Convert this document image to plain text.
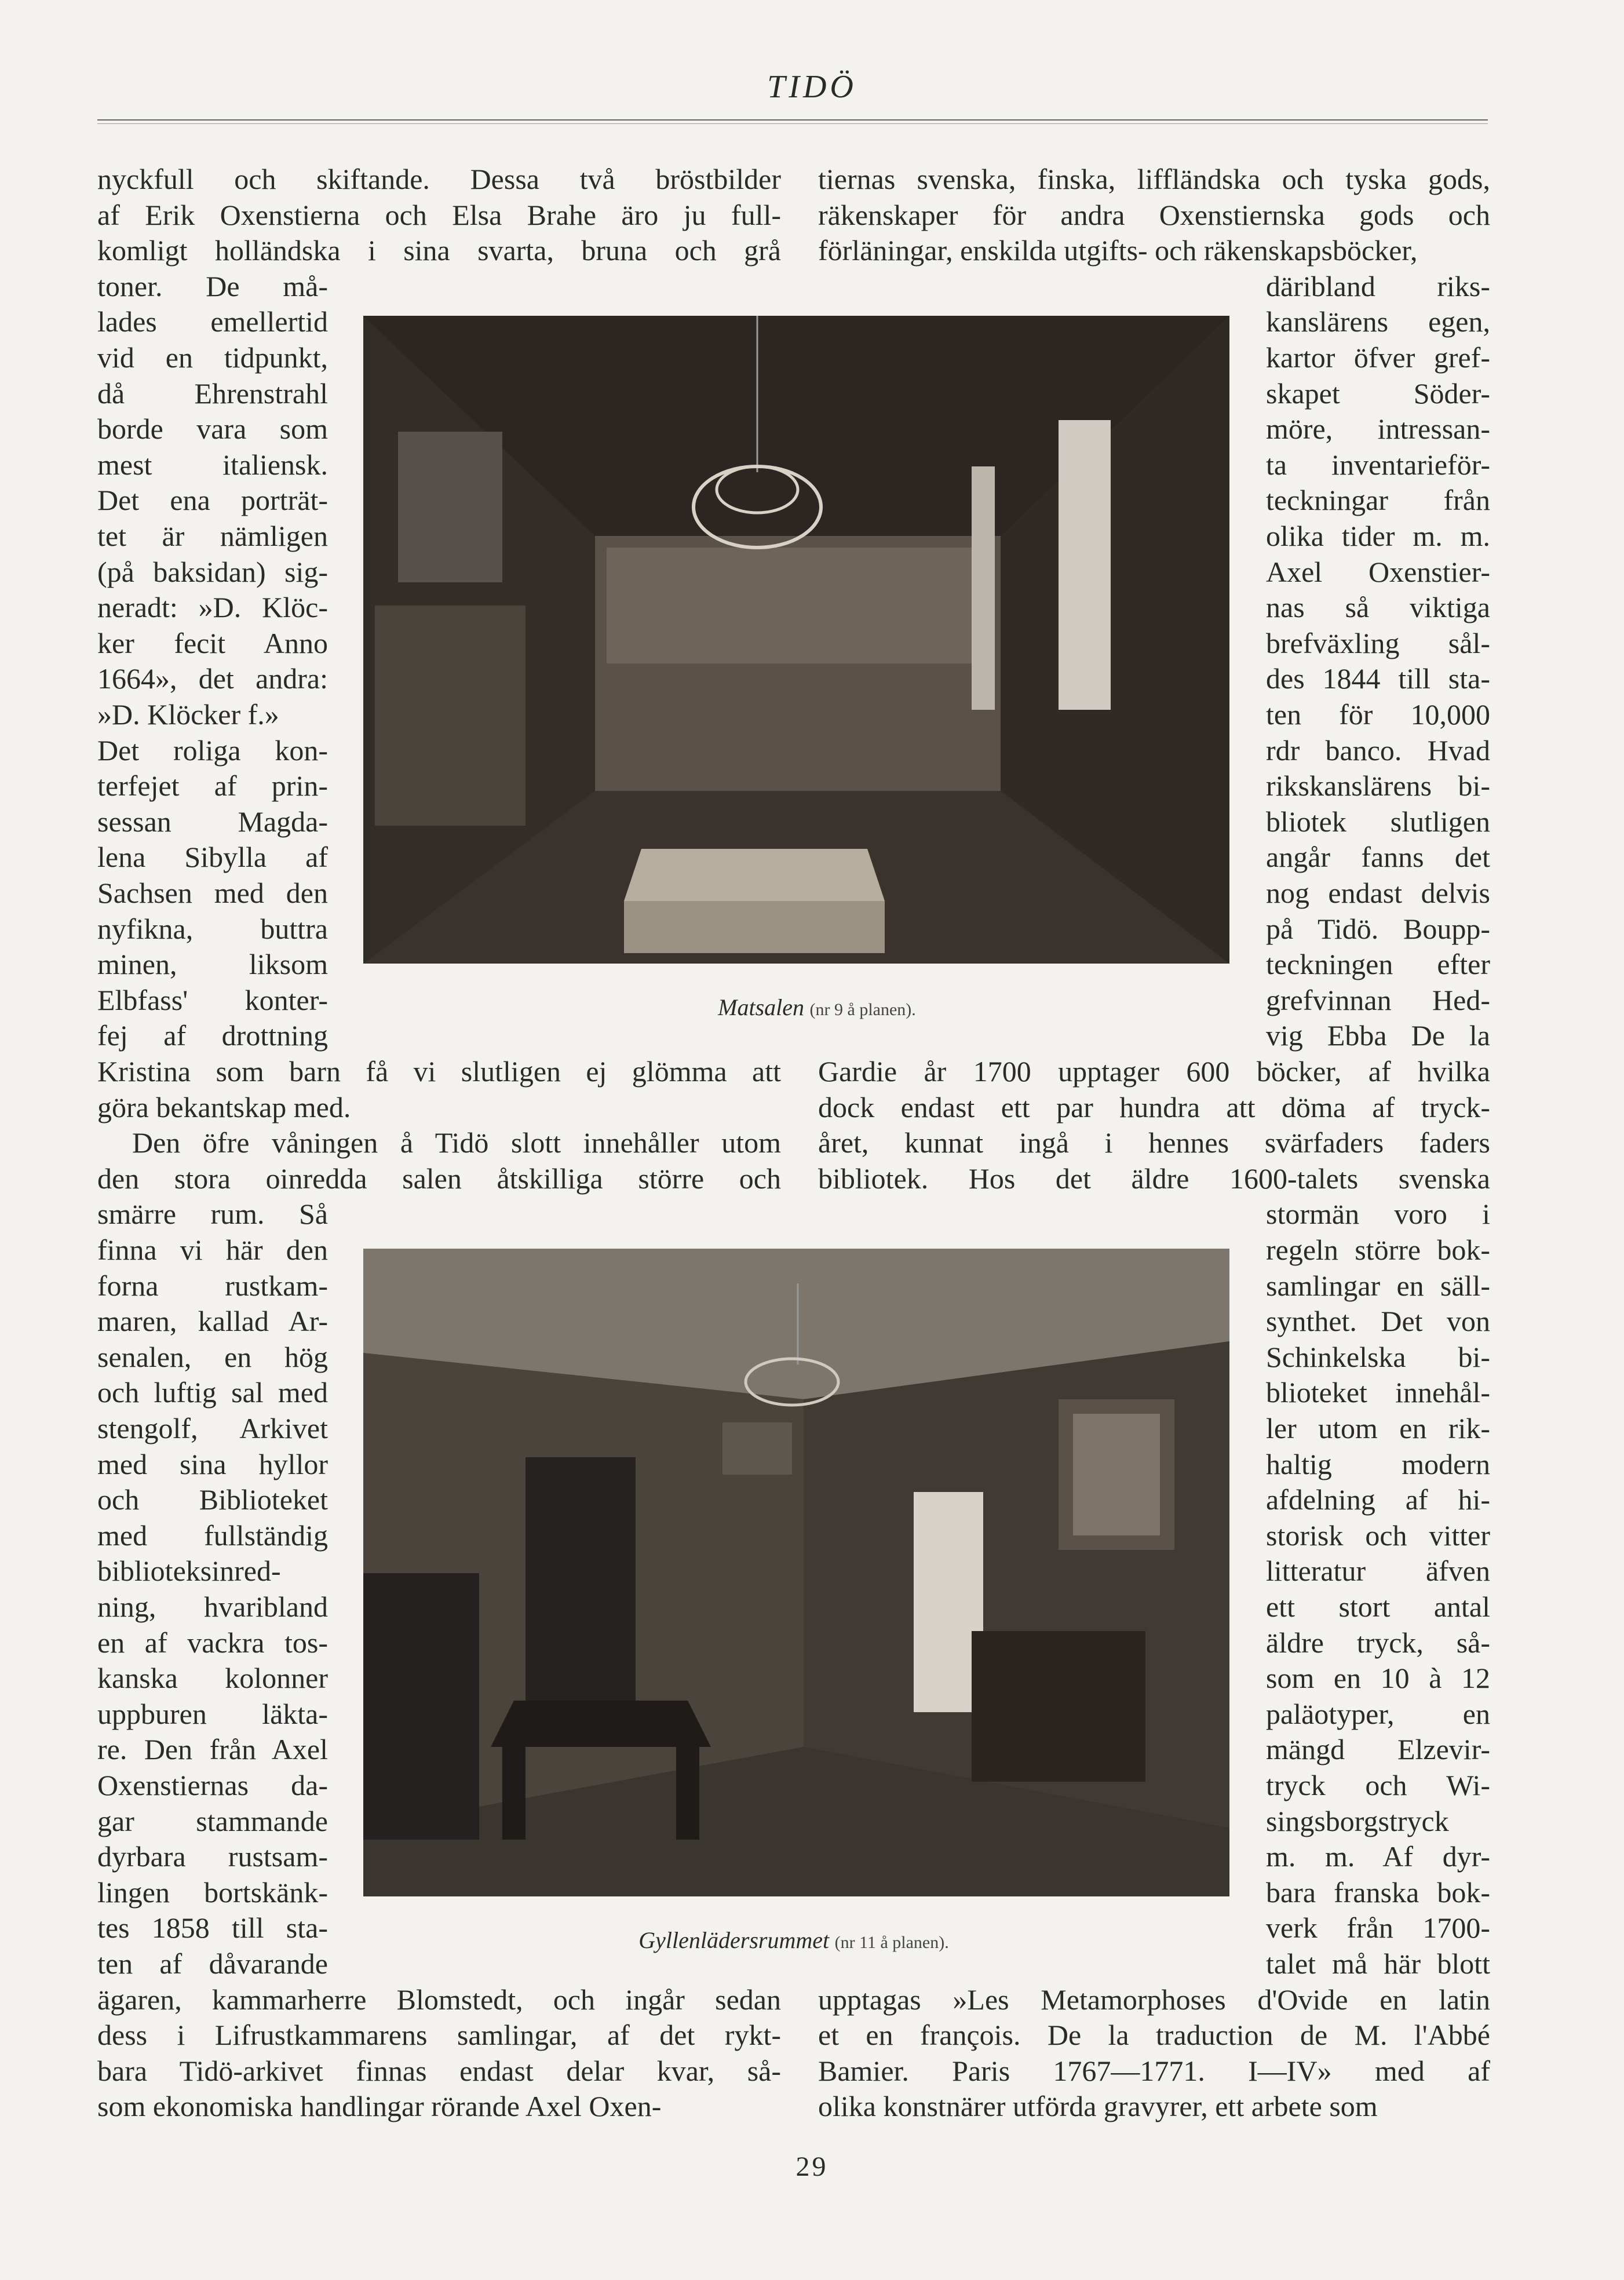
TIDÖ
nyckfull och skiftande. Dessa två bröstbilder
af Erik Oxenstierna och Elsa Brahe äro ju full-
komligt holländska i sina svarta, bruna och grå
toner. De må-
lades emellertid
vid en tidpunkt,
då Ehrenstrahl
borde vara som
mest italiensk.
Det ena porträt-
tet är nämligen
(på baksidan) sig-
neradt: »D. Klöc-
ker fecit Anno
1664», det andra:
»D. Klöcker f.»
Det roliga kon-
terfejet af prin-
sessan Magda-
lena Sibylla af
Sachsen med den
nyfikna, buttra
minen, liksom
Elbfass' konter-
fej af drottning
Kristina som barn få vi slutligen ej glömma att
göra bekantskap med.
Den öfre våningen å Tidö slott innehåller utom
den stora oinredda salen åtskilliga större och
smärre rum. Så
finna vi här den
forna rustkam-
maren, kallad Ar-
senalen, en hög
och luftig sal med
stengolf, Arkivet
med sina hyllor
och Biblioteket
med fullständig
biblioteksinred-
ning, hvaribland
en af vackra tos-
kanska kolonner
uppburen läkta-
re. Den från Axel
Oxenstiernas da-
gar stammande
dyrbara rustsam-
lingen bortskänk-
tes 1858 till sta-
ten af dåvarande
ägaren, kammarherre Blomstedt, och ingår sedan
dess i Lifrustkammarens samlingar, af det rykt-
bara Tidö-arkivet finnas endast delar kvar, så-
som ekonomiska handlingar rörande Axel Oxen-
tiernas svenska, finska, liffländska och tyska gods,
räkenskaper för andra Oxenstiernska gods och
förläningar, enskilda utgifts- och räkenskapsböcker,
däribland riks-
kanslärens egen,
kartor öfver gref-
skapet Söder-
möre, intressan-
ta inventarieför-
teckningar från
olika tider m. m.
Axel Oxenstier-
nas så viktiga
brefväxling sål-
des 1844 till sta-
ten för 10,000
rdr banco. Hvad
rikskanslärens bi-
bliotek slutligen
angår fanns det
nog endast delvis
på Tidö. Boupp-
teckningen efter
grefvinnan Hed-
vig Ebba De la
Gardie år 1700 upptager 600 böcker, af hvilka
dock endast ett par hundra att döma af tryck-
året, kunnat ingå i hennes svärfaders faders
bibliotek. Hos det äldre 1600-talets svenska
stormän voro i
regeln större bok-
samlingar en säll-
synthet. Det von
Schinkelska bi-
blioteket innehål-
ler utom en rik-
haltig modern
afdelning af hi-
storisk och vitter
litteratur äfven
ett stort antal
äldre tryck, så-
som en 10 à 12
paläotyper, en
mängd Elzevir-
tryck och Wi-
singsborgstryck
m. m. Af dyr-
bara franska bok-
verk från 1700-
talet må här blott
upptagas »Les Metamorphoses d'Ovide en latin
et en françois. De la traduction de M. l'Abbé
Bamier. Paris 1767—1771. I—IV» med af
olika konstnärer utförda gravyrer, ett arbete som
Matsalen (nr 9 å planen).
Gyllenlädersrummet (nr 11 å planen).
29
